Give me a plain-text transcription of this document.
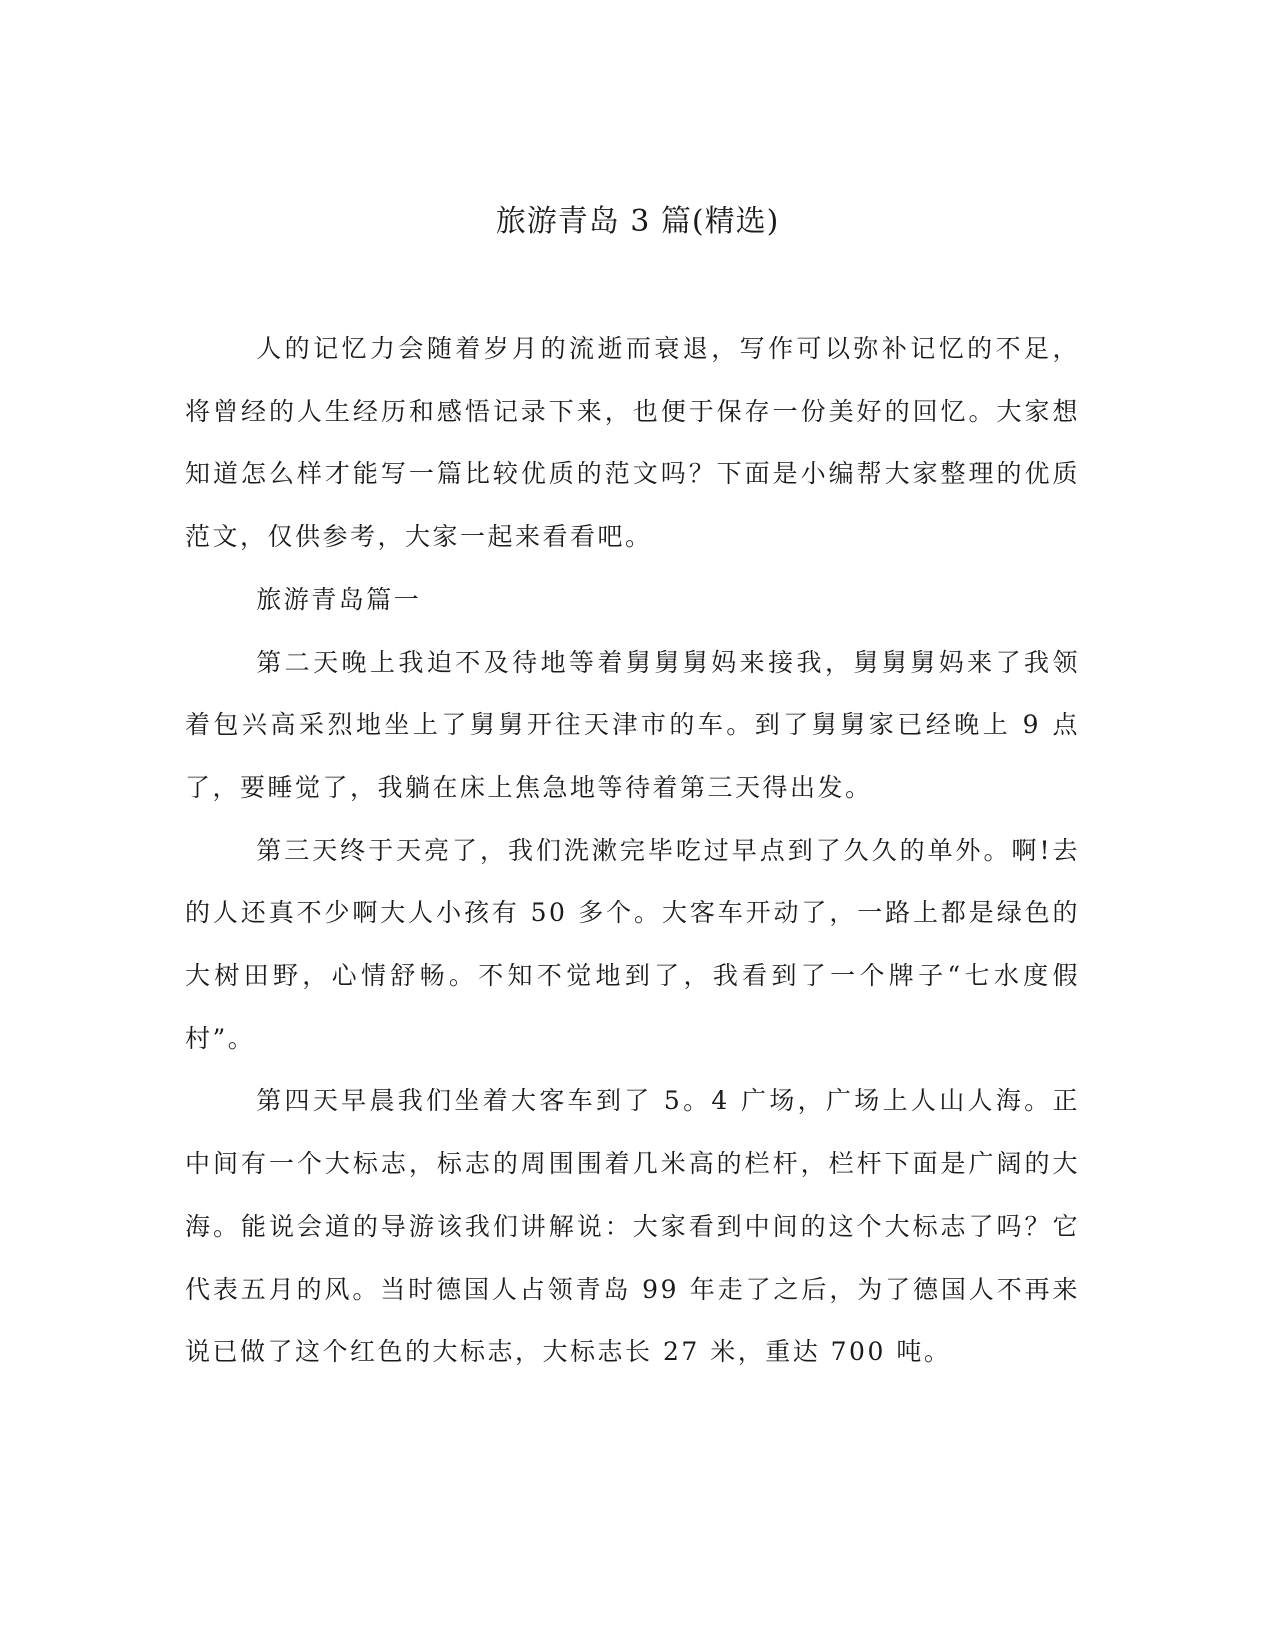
旅游青岛 3 篇(精选)

人的记忆力会随着岁月的流逝而衰退，写作可以弥补记忆的不足，将曾经的人生经历和感悟记录下来，也便于保存一份美好的回忆。大家想知道怎么样才能写一篇比较优质的范文吗？下面是小编帮大家整理的优质范文，仅供参考，大家一起来看看吧。

旅游青岛篇一

第二天晚上我迫不及待地等着舅舅舅妈来接我，舅舅舅妈来了我领着包兴高采烈地坐上了舅舅开往天津市的车。到了舅舅家已经晚上 9 点了，要睡觉了，我躺在床上焦急地等待着第三天得出发。

第三天终于天亮了，我们洗漱完毕吃过早点到了久久的单外。啊!去的人还真不少啊大人小孩有 50 多个。大客车开动了，一路上都是绿色的大树田野，心情舒畅。不知不觉地到了，我看到了一个牌子“七水度假村”。

第四天早晨我们坐着大客车到了 5。4 广场，广场上人山人海。正中间有一个大标志，标志的周围围着几米高的栏杆，栏杆下面是广阔的大海。能说会道的导游该我们讲解说：大家看到中间的这个大标志了吗？它代表五月的风。当时德国人占领青岛 99 年走了之后，为了德国人不再来说已做了这个红色的大标志，大标志长 27 米，重达 700 吨。
